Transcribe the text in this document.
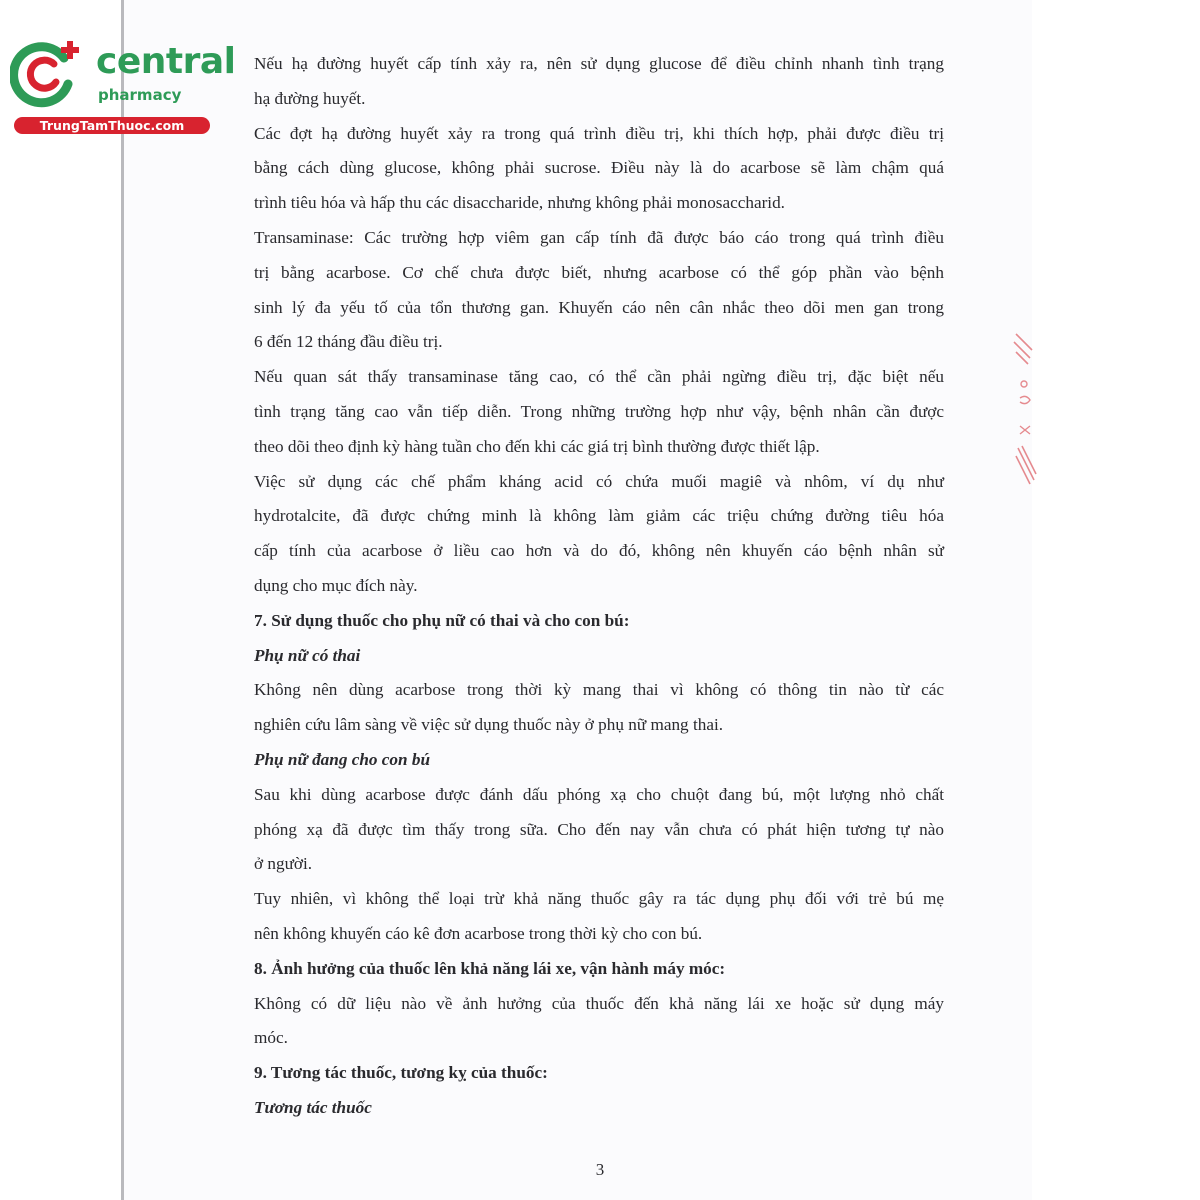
central
pharmacy
TrungTamThuoc.com
Nếu hạ đường huyết cấp tính xảy ra, nên sử dụng glucose để điều chỉnh nhanh tình trạng
hạ đường huyết.
Các đợt hạ đường huyết xảy ra trong quá trình điều trị, khi thích hợp, phải được điều trị
bằng cách dùng glucose, không phải sucrose. Điều này là do acarbose sẽ làm chậm quá
trình tiêu hóa và hấp thu các disaccharide, nhưng không phải monosaccharid.
Transaminase: Các trường hợp viêm gan cấp tính đã được báo cáo trong quá trình điều
trị bằng acarbose. Cơ chế chưa được biết, nhưng acarbose có thể góp phần vào bệnh
sinh lý đa yếu tố của tổn thương gan. Khuyến cáo nên cân nhắc theo dõi men gan trong
6 đến 12 tháng đầu điều trị.
Nếu quan sát thấy transaminase tăng cao, có thể cần phải ngừng điều trị, đặc biệt nếu
tình trạng tăng cao vẫn tiếp diễn. Trong những trường hợp như vậy, bệnh nhân cần được
theo dõi theo định kỳ hàng tuần cho đến khi các giá trị bình thường được thiết lập.
Việc sử dụng các chế phẩm kháng acid có chứa muối magiê và nhôm, ví dụ như
hydrotalcite, đã được chứng minh là không làm giảm các triệu chứng đường tiêu hóa
cấp tính của acarbose ở liều cao hơn và do đó, không nên khuyến cáo bệnh nhân sử
dụng cho mục đích này.
7. Sử dụng thuốc cho phụ nữ có thai và cho con bú:
Phụ nữ có thai
Không nên dùng acarbose trong thời kỳ mang thai vì không có thông tin nào từ các
nghiên cứu lâm sàng về việc sử dụng thuốc này ở phụ nữ mang thai.
Phụ nữ đang cho con bú
Sau khi dùng acarbose được đánh dấu phóng xạ cho chuột đang bú, một lượng nhỏ chất
phóng xạ đã được tìm thấy trong sữa. Cho đến nay vẫn chưa có phát hiện tương tự nào
ở người.
Tuy nhiên, vì không thể loại trừ khả năng thuốc gây ra tác dụng phụ đối với trẻ bú mẹ
nên không khuyến cáo kê đơn acarbose trong thời kỳ cho con bú.
8. Ảnh hưởng của thuốc lên khả năng lái xe, vận hành máy móc:
Không có dữ liệu nào về ảnh hưởng của thuốc đến khả năng lái xe hoặc sử dụng máy
móc.
9. Tương tác thuốc, tương kỵ của thuốc:
Tương tác thuốc
3
